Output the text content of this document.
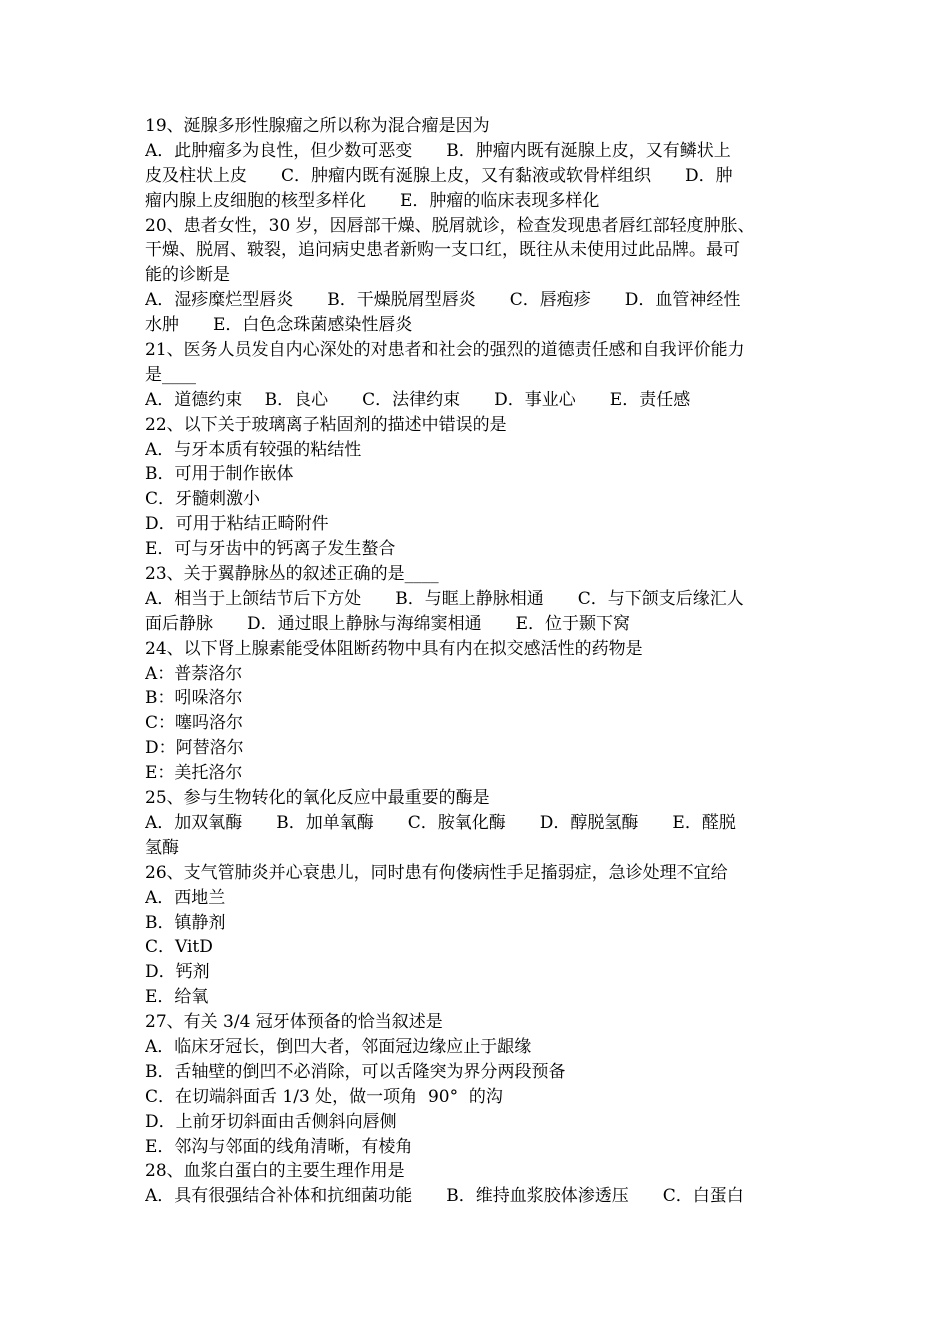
19、涎腺多形性腺瘤之所以称为混合瘤是因为
A．此肿瘤多为良性，但少数可恶变　　B．肿瘤内既有涎腺上皮，又有鳞状上
皮及柱状上皮　　C．肿瘤内既有涎腺上皮，又有黏液或软骨样组织　　D．肿
瘤内腺上皮细胞的核型多样化　　E．肿瘤的临床表现多样化
20、患者女性，30 岁，因唇部干燥、脱屑就诊，检查发现患者唇红部轻度肿胀、
干燥、脱屑、皲裂，追问病史患者新购一支口红，既往从未使用过此品牌。最可
能的诊断是
A．湿疹糜烂型唇炎　　B．干燥脱屑型唇炎　　C．唇疱疹　　D．血管神经性
水肿　　E．白色念珠菌感染性唇炎
21、医务人员发自内心深处的对患者和社会的强烈的道德责任感和自我评价能力
是____
A．道德约束　 B．良心　　C．法律约束　　D．事业心　　E．责任感
22、以下关于玻璃离子粘固剂的描述中错误的是
A．与牙本质有较强的粘结性
B．可用于制作嵌体
C．牙髓刺激小
D．可用于粘结正畸附件
E．可与牙齿中的钙离子发生螯合
23、关于翼静脉丛的叙述正确的是____
A．相当于上颌结节后下方处　　B．与眶上静脉相通　　C．与下颌支后缘汇人
面后静脉　　D．通过眼上静脉与海绵窦相通　　E．位于颞下窝
24、以下肾上腺素能受体阻断药物中具有内在拟交感活性的药物是
A：普萘洛尔
B：吲哚洛尔
C：噻吗洛尔
D：阿替洛尔
E：美托洛尔
25、参与生物转化的氧化反应中最重要的酶是
A．加双氧酶　　B．加单氧酶　　C．胺氧化酶　　D．醇脱氢酶　　E．醛脱
氢酶
26、支气管肺炎并心衰患儿，同时患有佝偻病性手足搐弱症，急诊处理不宜给
A．西地兰
B．镇静剂
C．VitD
D．钙剂
E．给氧
27、有关 3/4 冠牙体预备的恰当叙述是
A．临床牙冠长，倒凹大者，邻面冠边缘应止于龈缘
B．舌轴壁的倒凹不必消除，可以舌隆突为界分两段预备
C．在切端斜面舌 1/3 处，做一项角  90°  的沟
D．上前牙切斜面由舌侧斜向唇侧
E．邻沟与邻面的线角清晰，有棱角
28、血浆白蛋白的主要生理作用是
A．具有很强结合补体和抗细菌功能　　B．维持血浆胶体渗透压　　C．白蛋白
